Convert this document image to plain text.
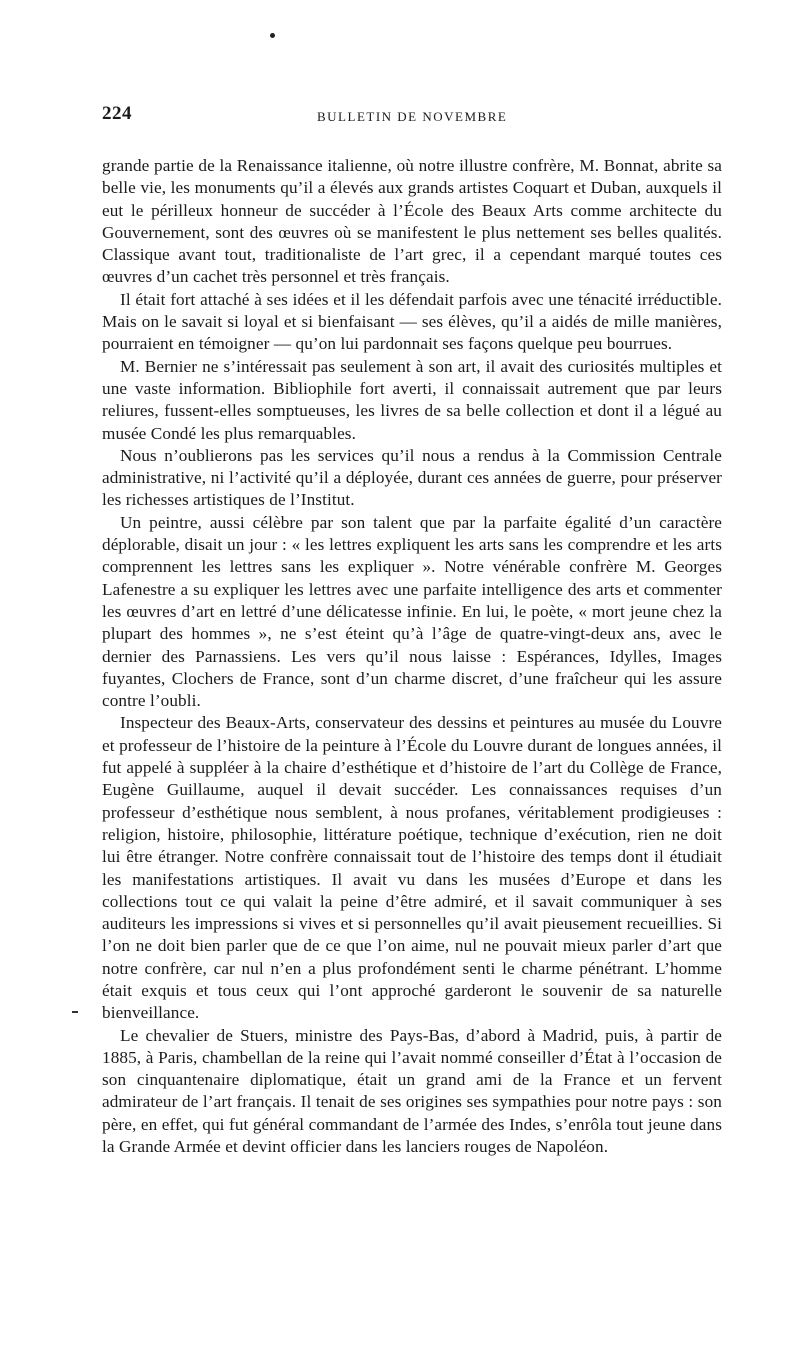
224	BULLETIN DE NOVEMBRE

grande partie de la Renaissance italienne, où notre illustre confrère, M. Bonnat, abrite sa belle vie, les monuments qu’il a élevés aux grands artistes Coquart et Duban, auxquels il eut le périlleux honneur de succéder à l’École des Beaux Arts comme architecte du Gouvernement, sont des œuvres où se manifestent le plus nettement ses belles qualités. Classique avant tout, traditionaliste de l’art grec, il a cependant marqué toutes ces œuvres d’un cachet très personnel et très français.

Il était fort attaché à ses idées et il les défendait parfois avec une ténacité irréductible. Mais on le savait si loyal et si bienfaisant — ses élèves, qu’il a aidés de mille manières, pourraient en témoigner — qu’on lui pardonnait ses façons quelque peu bourrues.

M. Bernier ne s’intéressait pas seulement à son art, il avait des curiosités multiples et une vaste information. Bibliophile fort averti, il connaissait autrement que par leurs reliures, fussent-elles somptueuses, les livres de sa belle collection et dont il a légué au musée Condé les plus remarquables.

Nous n’oublierons pas les services qu’il nous a rendus à la Commission Centrale administrative, ni l’activité qu’il a déployée, durant ces années de guerre, pour préserver les richesses artistiques de l’Institut.

Un peintre, aussi célèbre par son talent que par la parfaite égalité d’un caractère déplorable, disait un jour : « les lettres expliquent les arts sans les comprendre et les arts comprennent les lettres sans les expliquer ». Notre vénérable confrère M. Georges Lafenestre a su expliquer les lettres avec une parfaite intelligence des arts et commenter les œuvres d’art en lettré d’une délicatesse infinie. En lui, le poète, « mort jeune chez la plupart des hommes », ne s’est éteint qu’à l’âge de quatre-vingt-deux ans, avec le dernier des Parnassiens. Les vers qu’il nous laisse : Espérances, Idylles, Images fuyantes, Clochers de France, sont d’un charme discret, d’une fraîcheur qui les assure contre l’oubli.

Inspecteur des Beaux-Arts, conservateur des dessins et peintures au musée du Louvre et professeur de l’histoire de la peinture à l’École du Louvre durant de longues années, il fut appelé à suppléer à la chaire d’esthétique et d’histoire de l’art du Collège de France, Eugène Guillaume, auquel il devait succéder. Les connaissances requises d’un professeur d’esthétique nous semblent, à nous profanes, véritablement prodigieuses : religion, histoire, philosophie, littérature poétique, technique d’exécution, rien ne doit lui être étranger. Notre confrère connaissait tout de l’histoire des temps dont il étudiait les manifestations artistiques. Il avait vu dans les musées d’Europe et dans les collections tout ce qui valait la peine d’être admiré, et il savait communiquer à ses auditeurs les impressions si vives et si personnelles qu’il avait pieusement recueillies. Si l’on ne doit bien parler que de ce que l’on aime, nul ne pouvait mieux parler d’art que notre confrère, car nul n’en a plus profondément senti le charme pénétrant. L’homme était exquis et tous ceux qui l’ont approché garderont le souvenir de sa naturelle bienveillance.

Le chevalier de Stuers, ministre des Pays-Bas, d’abord à Madrid, puis, à partir de 1885, à Paris, chambellan de la reine qui l’avait nommé conseiller d’État à l’occasion de son cinquantenaire diplomatique, était un grand ami de la France et un fervent admirateur de l’art français. Il tenait de ses origines ses sympathies pour notre pays : son père, en effet, qui fut général commandant de l’armée des Indes, s’enrôla tout jeune dans la Grande Armée et devint officier dans les lanciers rouges de Napoléon.
